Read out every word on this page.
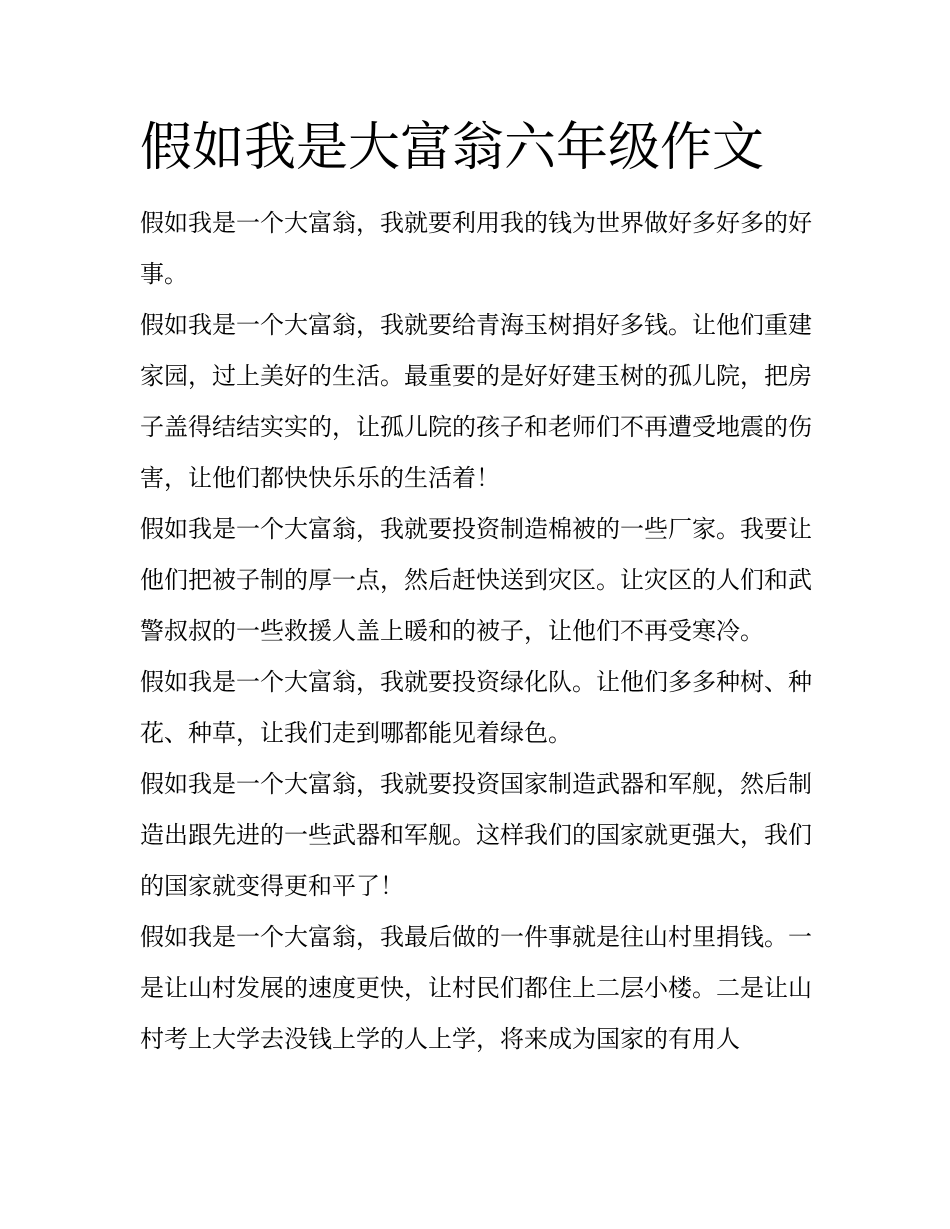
假如我是大富翁六年级作文

假如我是一个大富翁，我就要利用我的钱为世界做好多好多的好事。

假如我是一个大富翁，我就要给青海玉树捐好多钱。让他们重建家园，过上美好的生活。最重要的是好好建玉树的孤儿院，把房子盖得结结实实的，让孤儿院的孩子和老师们不再遭受地震的伤害，让他们都快快乐乐的生活着！

假如我是一个大富翁，我就要投资制造棉被的一些厂家。我要让他们把被子制的厚一点，然后赶快送到灾区。让灾区的人们和武警叔叔的一些救援人盖上暖和的被子，让他们不再受寒冷。

假如我是一个大富翁，我就要投资绿化队。让他们多多种树、种花、种草，让我们走到哪都能见着绿色。

假如我是一个大富翁，我就要投资国家制造武器和军舰，然后制造出跟先进的一些武器和军舰。这样我们的国家就更强大，我们的国家就变得更和平了！

假如我是一个大富翁，我最后做的一件事就是往山村里捐钱。一是让山村发展的速度更快，让村民们都住上二层小楼。二是让山村考上大学去没钱上学的人上学，将来成为国家的有用人
